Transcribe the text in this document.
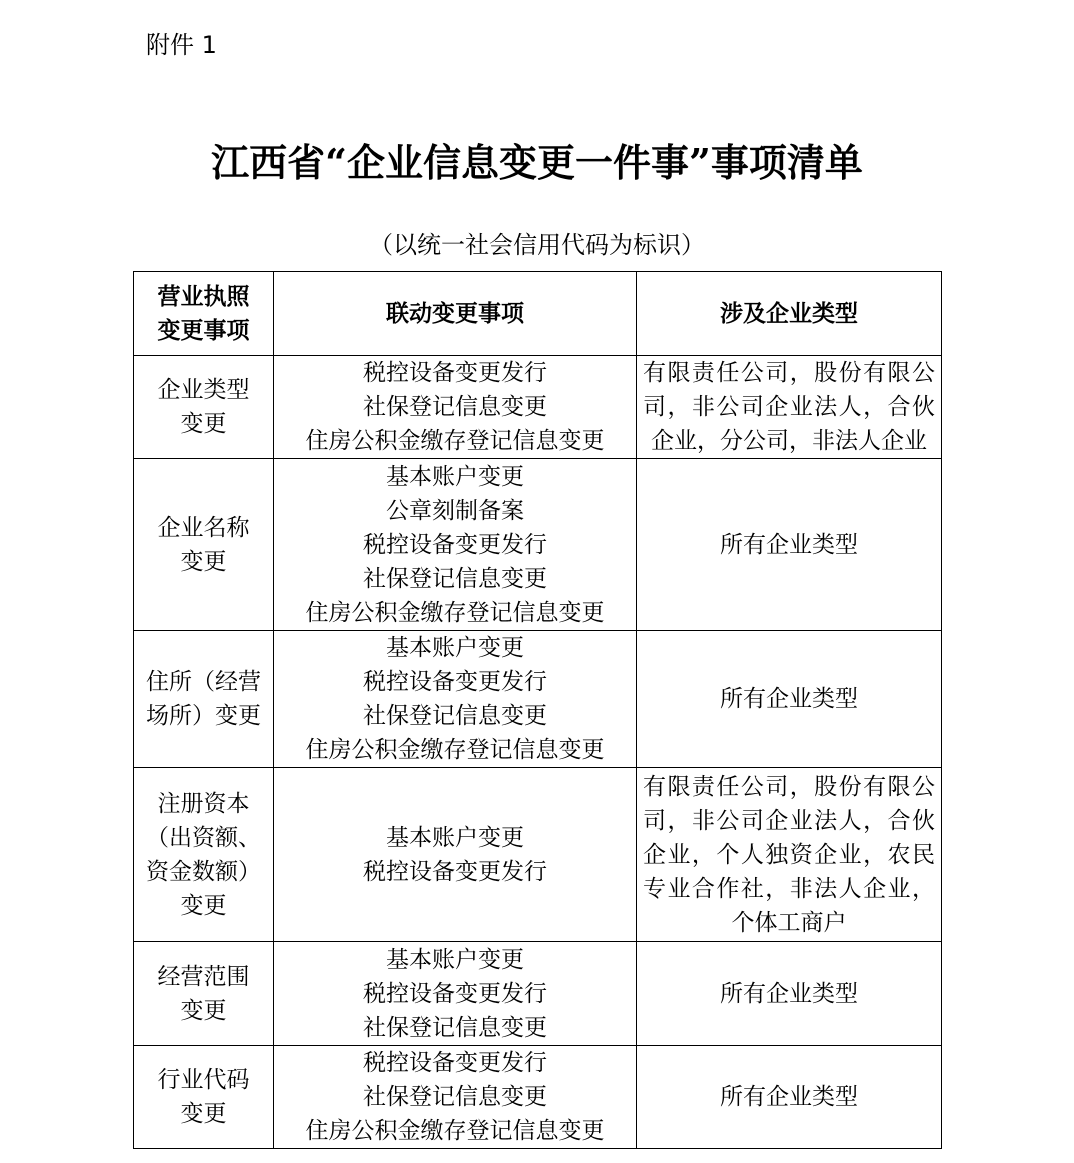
附件 1
江西省“企业信息变更一件事”事项清单
（以统一社会信用代码为标识）
营业执照
变更事项	联动变更事项	涉及企业类型

企业类型
变更	税控设备变更发行
社保登记信息变更
住房公积金缴存登记信息变更	有限责任公司，股份有限公司，非公司企业法人，合伙企业，分公司，非法人企业

企业名称
变更	基本账户变更
公章刻制备案
税控设备变更发行
社保登记信息变更
住房公积金缴存登记信息变更	所有企业类型

住所（经营
场所）变更	基本账户变更
税控设备变更发行
社保登记信息变更
住房公积金缴存登记信息变更	所有企业类型

注册资本
（出资额、
资金数额）
变更	基本账户变更
税控设备变更发行	有限责任公司，股份有限公司，非公司企业法人，合伙企业，个人独资企业，农民专业合作社，非法人企业，个体工商户

经营范围
变更	基本账户变更
税控设备变更发行
社保登记信息变更	所有企业类型

行业代码
变更	税控设备变更发行
社保登记信息变更
住房公积金缴存登记信息变更	所有企业类型
